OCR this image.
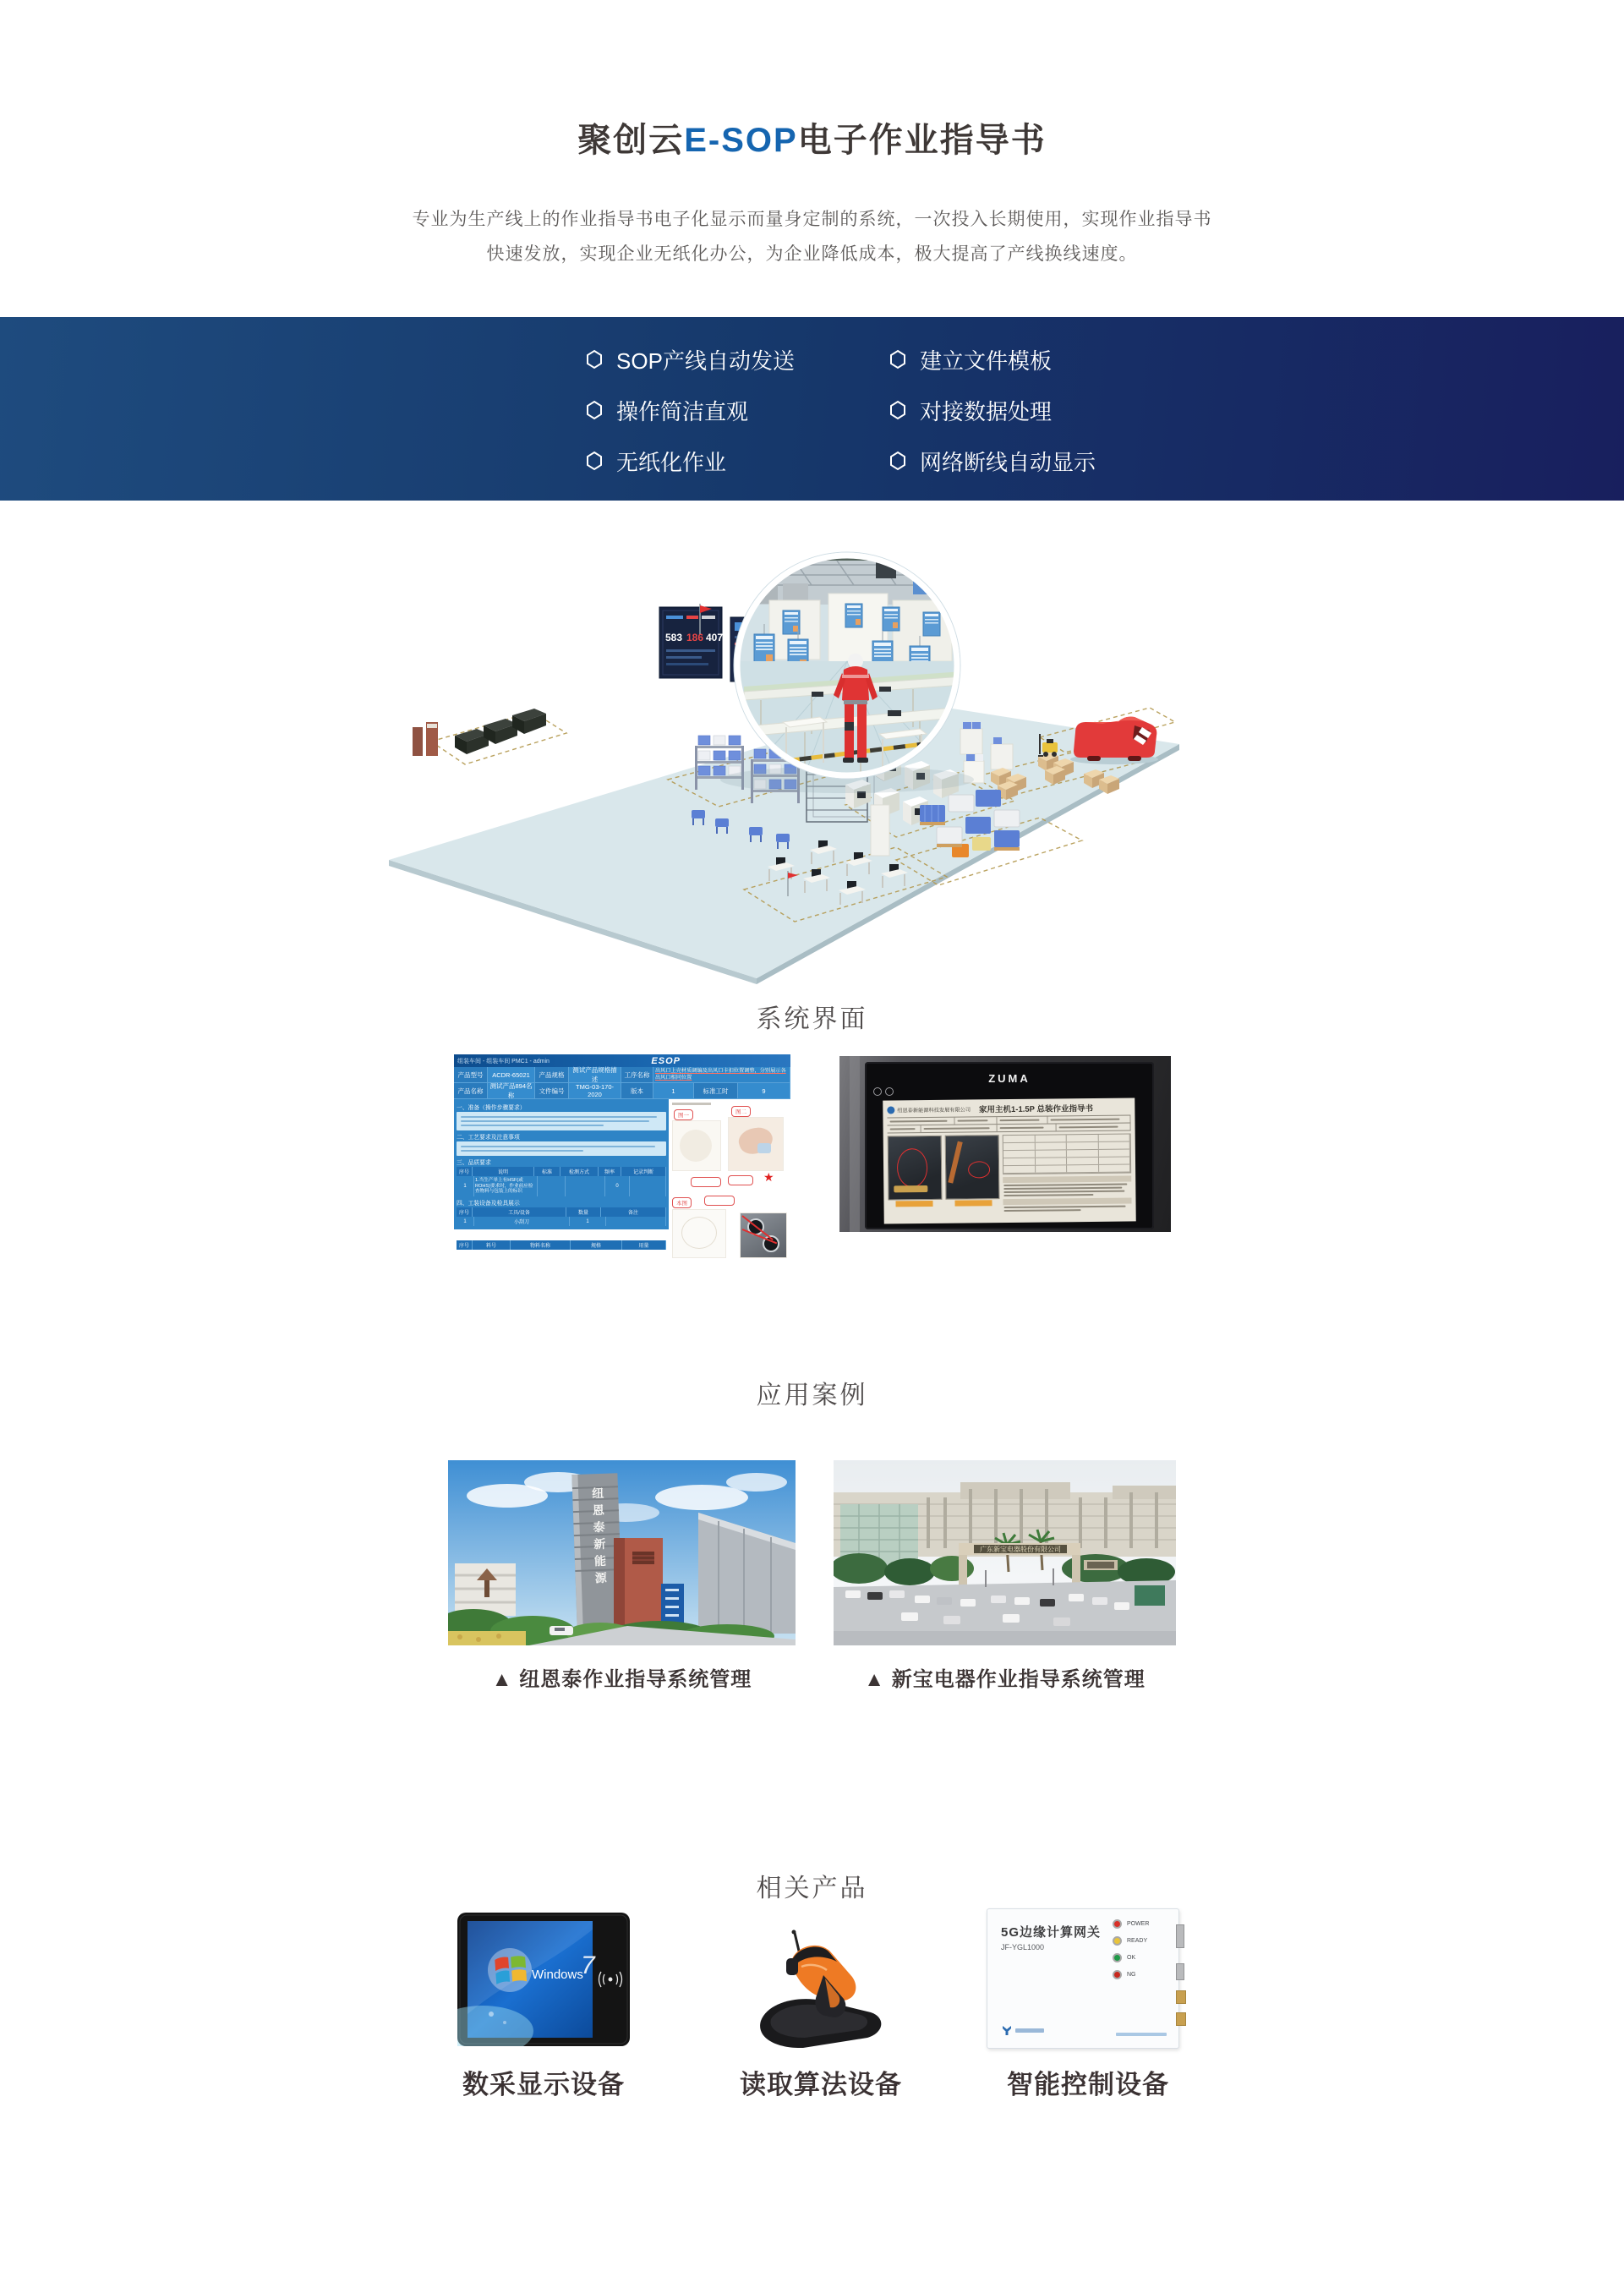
聚创云E-SOP电子作业指导书
专业为生产线上的作业指导书电子化显示而量身定制的系统，一次投入长期使用，实现作业指导书
快速发放，实现企业无纸化办公，为企业降低成本，极大提高了产线换线速度。
SOP产线自动发送
操作简洁直观
无纸化作业
建立文件模板
对接数据处理
网络断线自动显示
583 186 407
系统界面
组装车间 - 组装车间 PMC1 - admin	ESOP
产品型号	ACDR-65021	产品规格
测试产品规格描述
工序名称	出风口上壳材质调编及出风口卡扣位置调整，分别展示各出风口相同位置
产品名称
测试产品894名称
文件编号	TMG-03-170-2020	版本	1	标准工时	9
一、准备（操作步骤要求）
二、工艺要求及注意事项
三、品质要求
序号	说明	标准	检测方式	频率	记录判断
1
1.当生产单上有HSF(或ROHS)要求时，作业前应检查物料与包装上的标识
0
四、工装设备及检具展示
序号	工具/设备	数量	备注
1	小刮刀	1
五、物料清单
序号	料号	物料名称	规格	用量
图一
图二
★
本图
ZUMA
纽恩泰新能源科技发展有限公司 家用主机1-1.5P 总装作业指导书
应用案例
纽
恩
泰
新
能
源
广东新宝电器股份有限公司
▲ 纽恩泰作业指导系统管理	▲ 新宝电器作业指导系统管理
相关产品
Windows
7
5G边缘计算网关
JF-YGL1000
POWER
READY
OK
NG
数采显示设备	读取算法设备	智能控制设备
